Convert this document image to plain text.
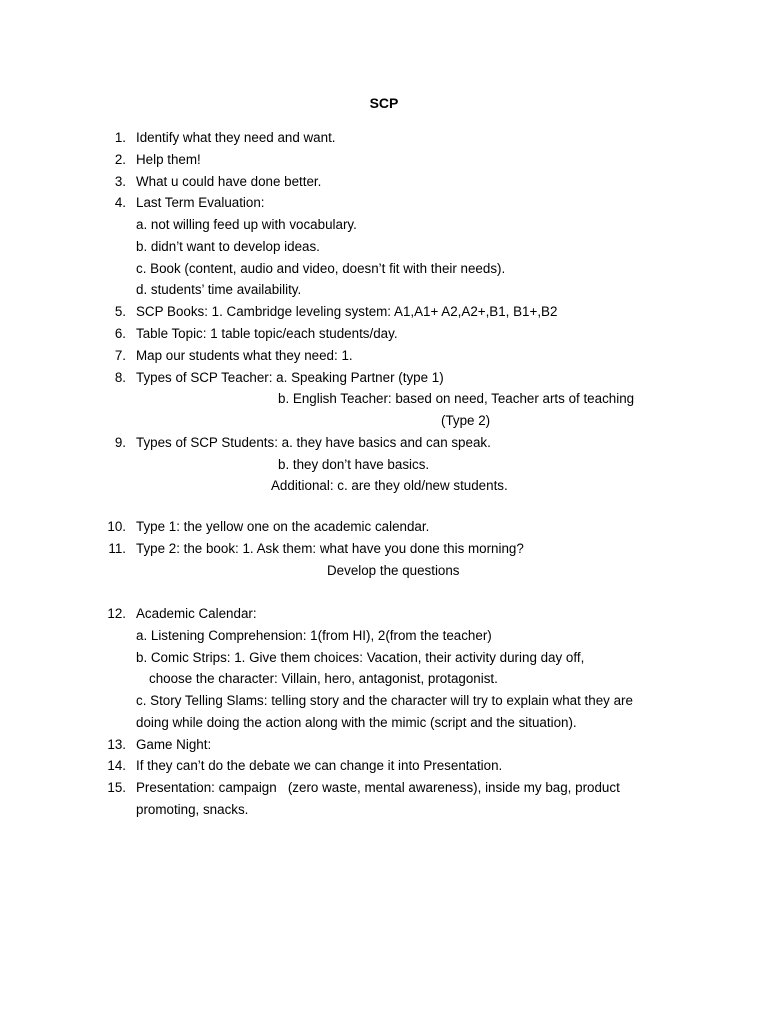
SCP
1. Identify what they need and want.
2. Help them!
3. What u could have done better.
4. Last Term Evaluation:
a. not willing feed up with vocabulary.
b. didn’t want to develop ideas.
c. Book (content, audio and video, doesn’t fit with their needs).
d. students’ time availability.
5. SCP Books: 1. Cambridge leveling system: A1,A1+ A2,A2+,B1, B1+,B2
6. Table Topic: 1 table topic/each students/day.
7. Map our students what they need: 1.
8. Types of SCP Teacher: a. Speaking Partner (type 1)
b. English Teacher: based on need, Teacher arts of teaching
(Type 2)
9. Types of SCP Students: a. they have basics and can speak.
b. they don’t have basics.
Additional: c. are they old/new students.
10. Type 1: the yellow one on the academic calendar.
11. Type 2: the book: 1. Ask them: what have you done this morning?
Develop the questions
12. Academic Calendar:
a. Listening Comprehension: 1(from HI), 2(from the teacher)
b. Comic Strips: 1. Give them choices: Vacation, their activity during day off,
choose the character: Villain, hero, antagonist, protagonist.
c. Story Telling Slams: telling story and the character will try to explain what they are
doing while doing the action along with the mimic (script and the situation).
13. Game Night:
14. If they can’t do the debate we can change it into Presentation.
15. Presentation: campaign   (zero waste, mental awareness), inside my bag, product
promoting, snacks.
